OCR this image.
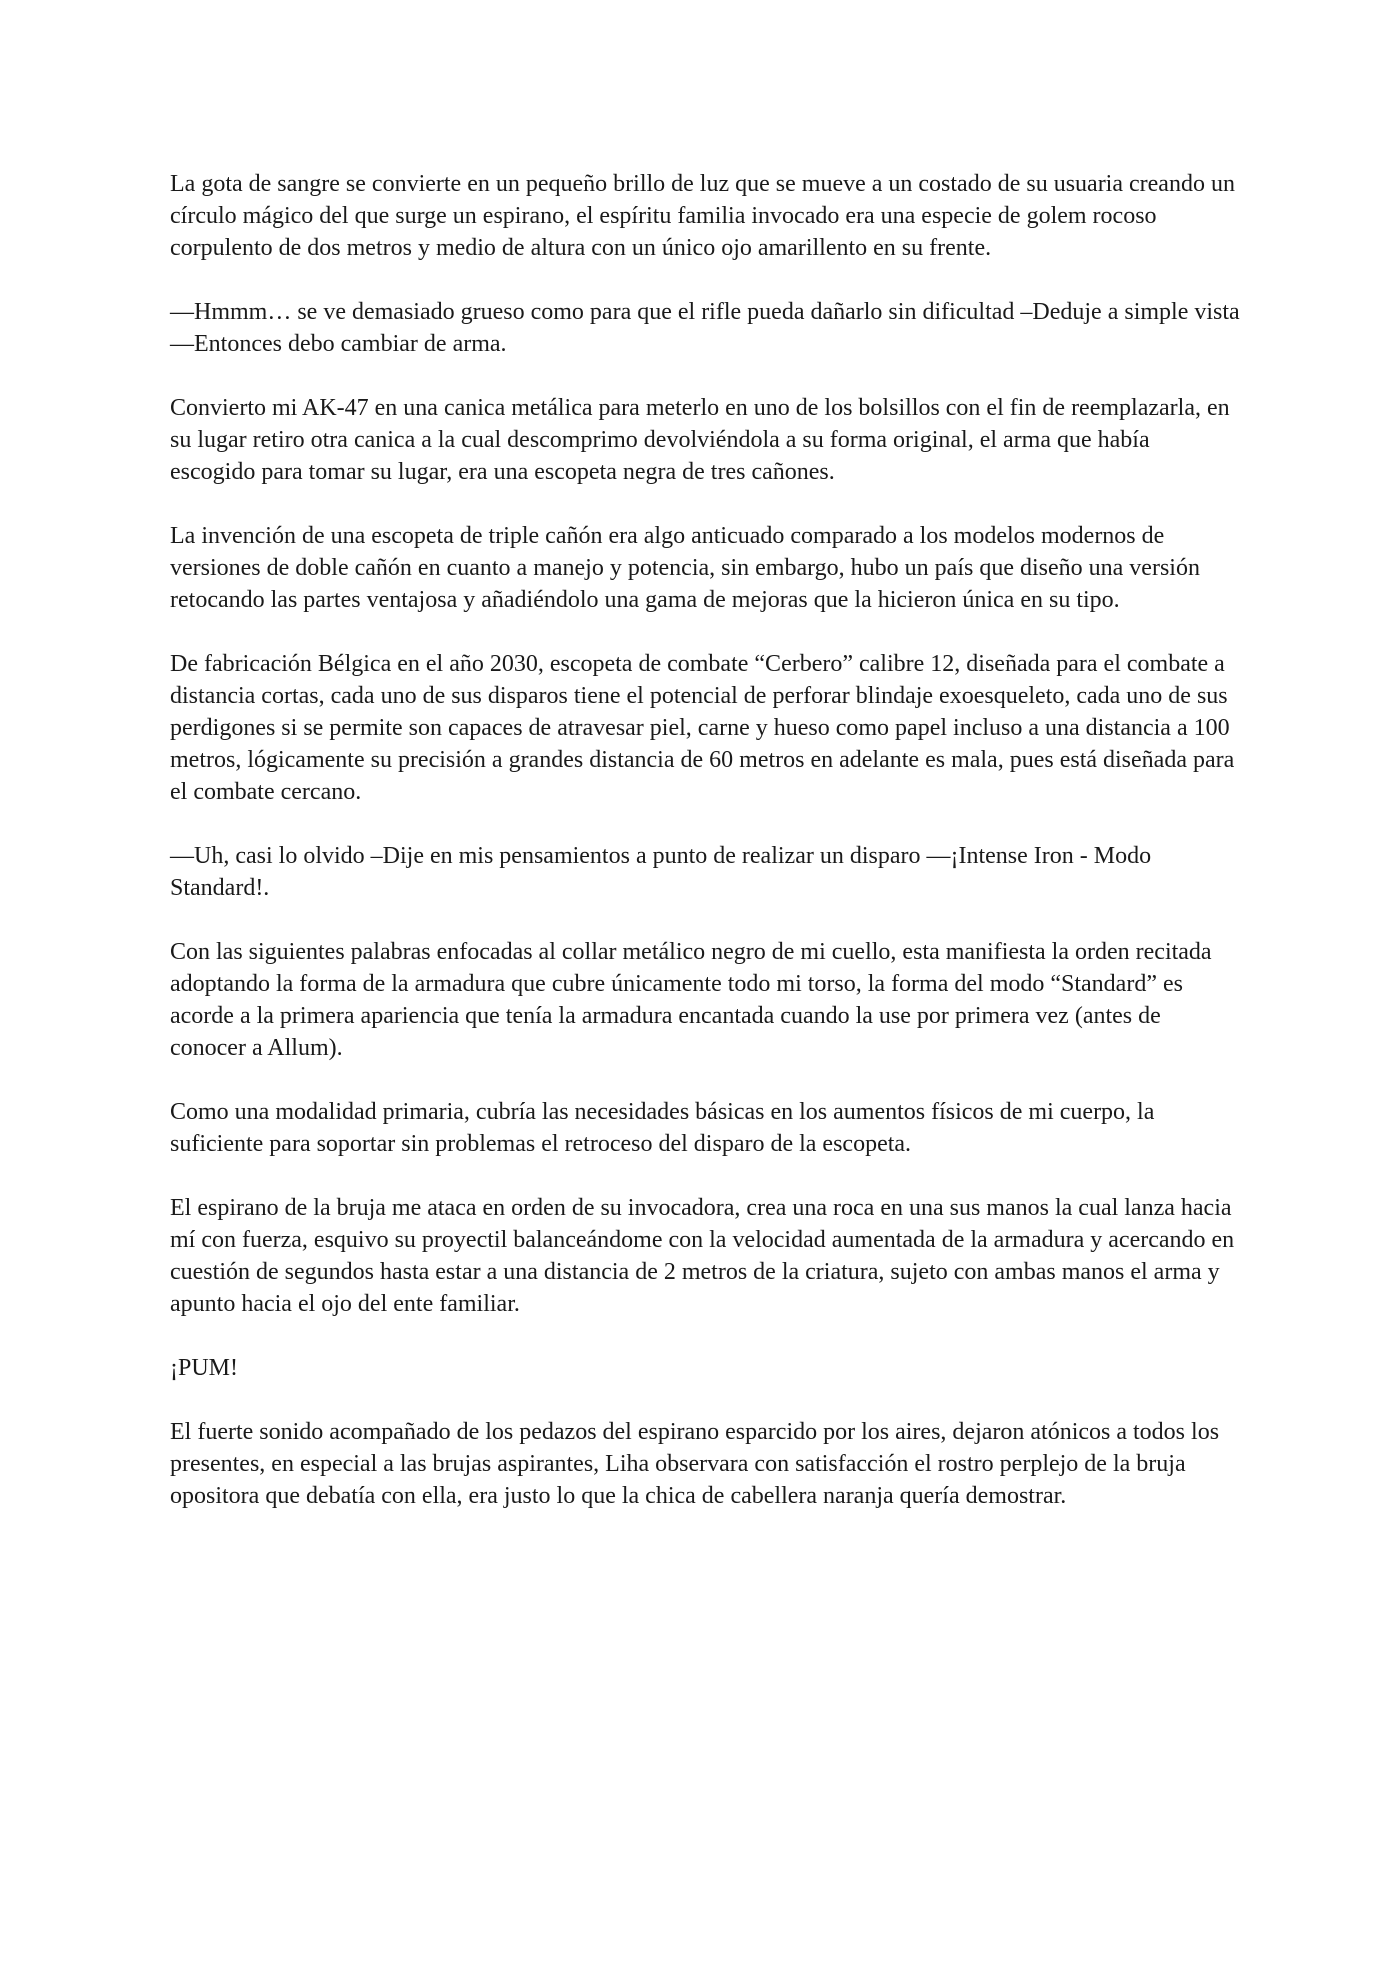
La gota de sangre se convierte en un pequeño brillo de luz que se mueve a un costado de su usuaria creando un círculo mágico del que surge un espirano, el espíritu familia invocado era una especie de golem rocoso corpulento de dos metros y medio de altura con un único ojo amarillento en su frente.

—Hmmm… se ve demasiado grueso como para que el rifle pueda dañarlo sin dificultad –Deduje a simple vista —Entonces debo cambiar de arma.

Convierto mi AK-47 en una canica metálica para meterlo en uno de los bolsillos con el fin de reemplazarla, en su lugar retiro otra canica a la cual descomprimo devolviéndola a su forma original, el arma que había escogido para tomar su lugar, era una escopeta negra de tres cañones.

La invención de una escopeta de triple cañón era algo anticuado comparado a los modelos modernos de versiones de doble cañón en cuanto a manejo y potencia, sin embargo, hubo un país que diseño una versión retocando las partes ventajosa y añadiéndolo una gama de mejoras que la hicieron única en su tipo.

De fabricación Bélgica en el año 2030, escopeta de combate “Cerbero” calibre 12, diseñada para el combate a distancia cortas, cada uno de sus disparos tiene el potencial de perforar blindaje exoesqueleto, cada uno de sus perdigones si se permite son capaces de atravesar piel, carne y hueso como papel incluso a una distancia a 100 metros, lógicamente su precisión a grandes distancia de 60 metros en adelante es mala, pues está diseñada para el combate cercano.

—Uh, casi lo olvido –Dije en mis pensamientos a punto de realizar un disparo —¡Intense Iron - Modo Standard!.

Con las siguientes palabras enfocadas al collar metálico negro de mi cuello, esta manifiesta la orden recitada adoptando la forma de la armadura que cubre únicamente todo mi torso, la forma del modo “Standard” es acorde a la primera apariencia que tenía la armadura encantada cuando la use por primera vez (antes de conocer a Allum).

Como una modalidad primaria, cubría las necesidades básicas en los aumentos físicos de mi cuerpo, la suficiente para soportar sin problemas el retroceso del disparo de la escopeta.

El espirano de la bruja me ataca en orden de su invocadora, crea una roca en una sus manos la cual lanza hacia mí con fuerza, esquivo su proyectil balanceándome con la velocidad aumentada de la armadura y acercando en cuestión de segundos hasta estar a una distancia de 2 metros de la criatura, sujeto con ambas manos el arma y apunto hacia el ojo del ente familiar.

¡PUM!

El fuerte sonido acompañado de los pedazos del espirano esparcido por los aires, dejaron atónicos a todos los presentes, en especial a las brujas aspirantes, Liha observara con satisfacción el rostro perplejo de la bruja opositora que debatía con ella, era justo lo que la chica de cabellera naranja quería demostrar.
